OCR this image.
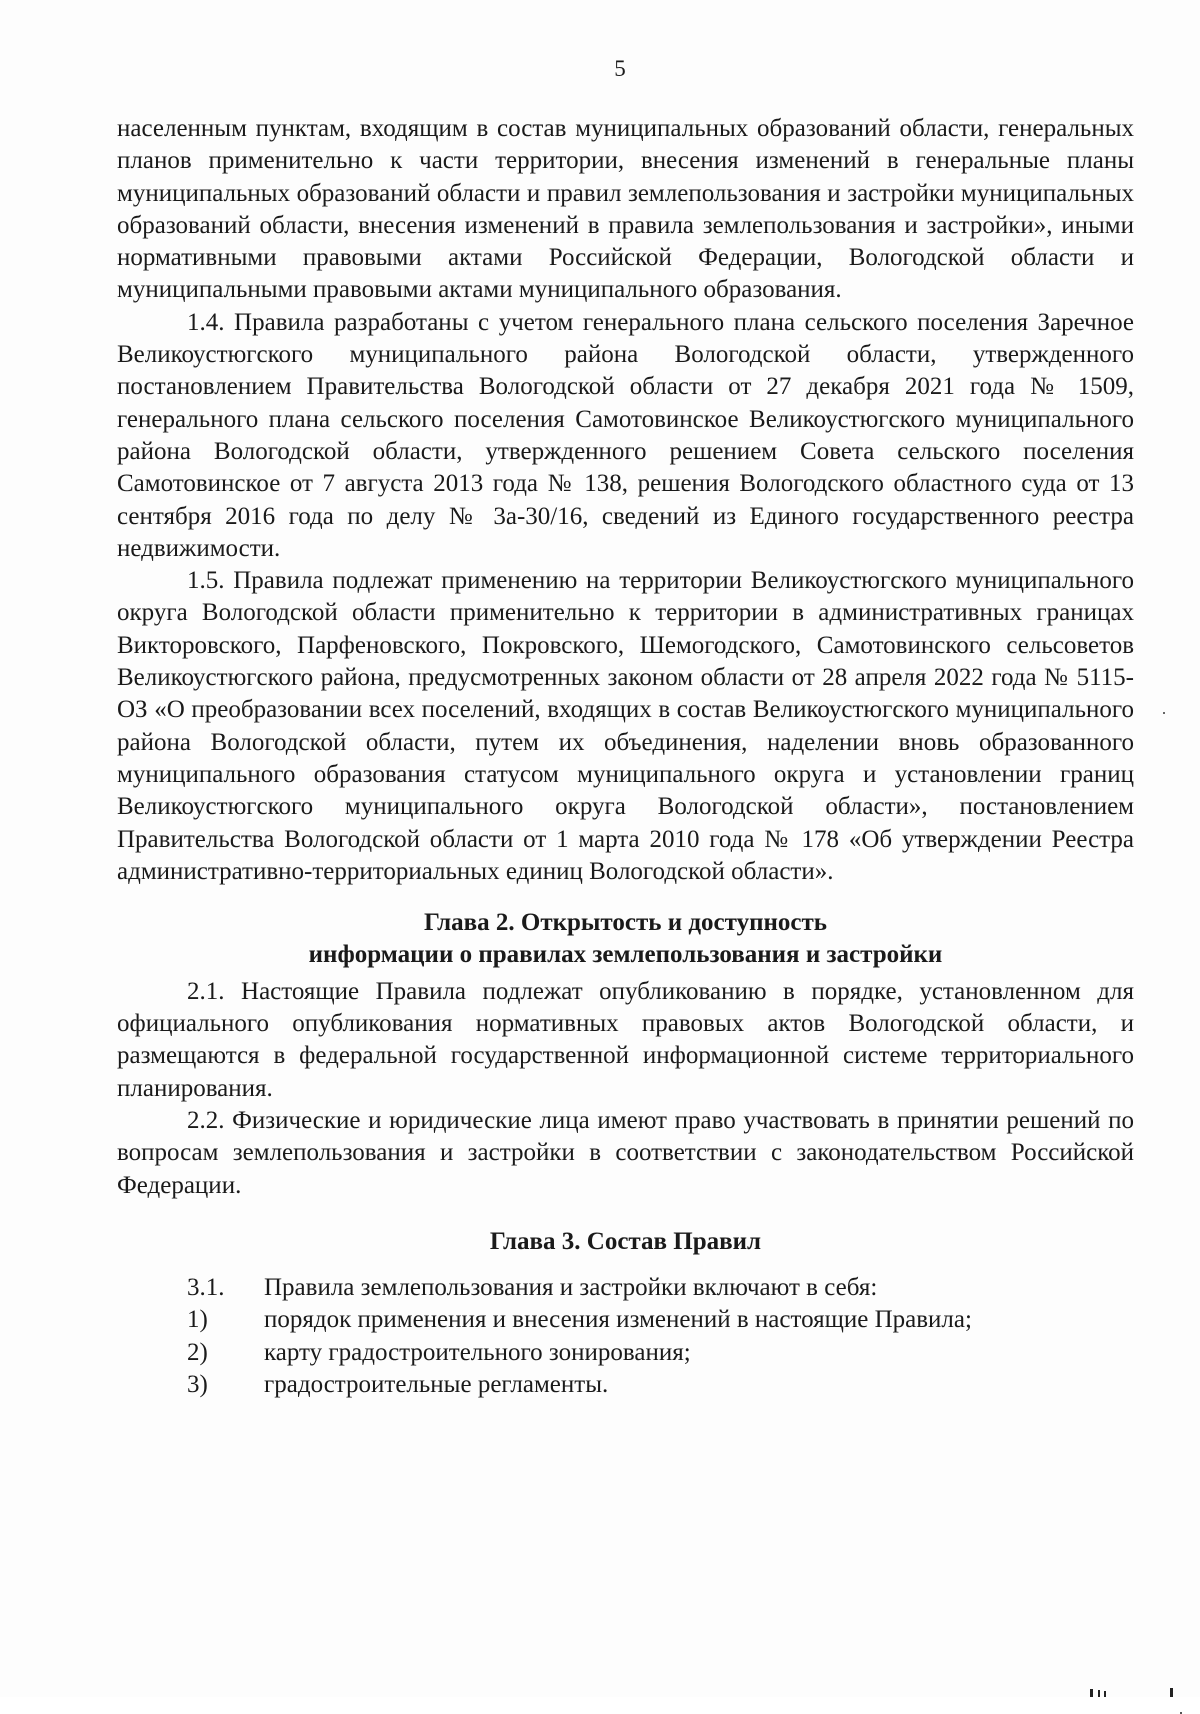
5

населенным пунктам, входящим в состав муниципальных образований области, генеральных планов применительно к части территории, внесения изменений в генеральные планы муниципальных образований области и правил землепользования и застройки муниципальных образований области, внесения изменений в правила землепользования и застройки», иными нормативными правовыми актами Российской Федерации, Вологодской области и муниципальными правовыми актами муниципального образования.

1.4. Правила разработаны с учетом генерального плана сельского поселения Заречное Великоустюгского муниципального района Вологодской области, утвержденного постановлением Правительства Вологодской области от 27 декабря 2021 года № 1509, генерального плана сельского поселения Самотовинское Великоустюгского муниципального района Вологодской области, утвержденного решением Совета сельского поселения Самотовинское от 7 августа 2013 года № 138, решения Вологодского областного суда от 13 сентября 2016 года по делу № 3а-30/16, сведений из Единого государственного реестра недвижимости.

1.5. Правила подлежат применению на территории Великоустюгского муниципального округа Вологодской области применительно к территории в административных границах Викторовского, Парфеновского, Покровского, Шемогодского, Самотовинского сельсоветов Великоустюгского района, предусмотренных законом области от 28 апреля 2022 года № 5115-ОЗ «О преобразовании всех поселений, входящих в состав Великоустюгского муниципального района Вологодской области, путем их объединения, наделении вновь образованного муниципального образования статусом муниципального округа и установлении границ Великоустюгского муниципального округа Вологодской области», постановлением Правительства Вологодской области от 1 марта 2010 года № 178 «Об утверждении Реестра административно-территориальных единиц Вологодской области».

Глава 2. Открытость и доступность

информации о правилах землепользования и застройки

2.1. Настоящие Правила подлежат опубликованию в порядке, установленном для официального опубликования нормативных правовых актов Вологодской области, и размещаются в федеральной государственной информационной системе территориального планирования.

2.2. Физические и юридические лица имеют право участвовать в принятии решений по вопросам землепользования и застройки в соответствии с законодательством Российской Федерации.

Глава 3. Состав Правил

3.1. Правила землепользования и застройки включают в себя:
1) порядок применения и внесения изменений в настоящие Правила;
2) карту градостроительного зонирования;
3) градостроительные регламенты.
